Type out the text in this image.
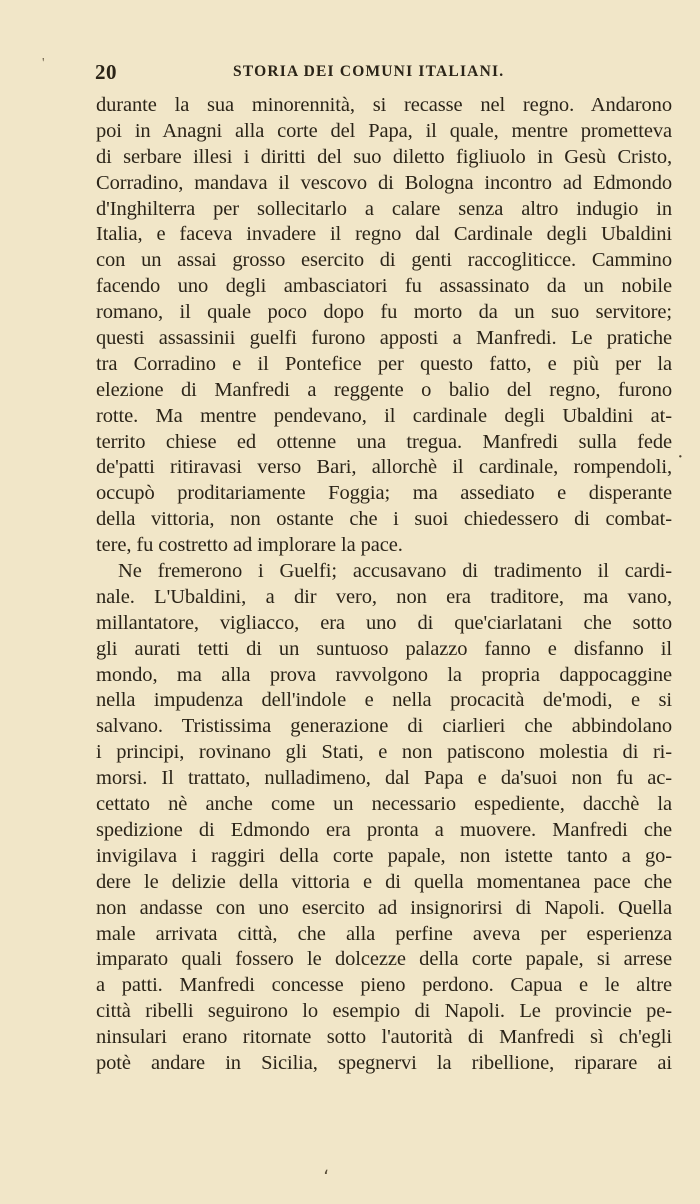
' 20	STORIA DEI COMUNI ITALIANI.
durante la sua minorennità, si recasse nel regno. Andarono
poi in Anagni alla corte del Papa, il quale, mentre prometteva
di serbare illesi i diritti del suo diletto figliuolo in Gesù Cristo,
Corradino, mandava il vescovo di Bologna incontro ad Edmondo
d'Inghilterra per sollecitarlo a calare senza altro indugio in
Italia, e faceva invadere il regno dal Cardinale degli Ubaldini
con un assai grosso esercito di genti raccogliticce. Cammino
facendo uno degli ambasciatori fu assassinato da un nobile
romano, il quale poco dopo fu morto da un suo servitore;
questi assassinii guelfi furono apposti a Manfredi. Le pratiche
tra Corradino e il Pontefice per questo fatto, e più per la
elezione di Manfredi a reggente o balio del regno, furono
rotte. Ma mentre pendevano, il cardinale degli Ubaldini at-
territo chiese ed ottenne una tregua. Manfredi sulla fede
de'patti ritiravasi verso Bari, allorchè il cardinale, rompendoli,
occupò proditariamente Foggia; ma assediato e disperante
della vittoria, non ostante che i suoi chiedessero di combat-
tere, fu costretto ad implorare la pace.
Ne fremerono i Guelfi; accusavano di tradimento il cardi-
nale. L'Ubaldini, a dir vero, non era traditore, ma vano,
millantatore, vigliacco, era uno di que'ciarlatani che sotto
gli aurati tetti di un suntuoso palazzo fanno e disfanno il
mondo, ma alla prova ravvolgono la propria dappocaggine
nella impudenza dell'indole e nella procacità de'modi, e si
salvano. Tristissima generazione di ciarlieri che abbindolano
i principi, rovinano gli Stati, e non patiscono molestia di ri-
morsi. Il trattato, nulladimeno, dal Papa e da'suoi non fu ac-
cettato nè anche come un necessario espediente, dacchè la
spedizione di Edmondo era pronta a muovere. Manfredi che
invigilava i raggiri della corte papale, non istette tanto a go-
dere le delizie della vittoria e di quella momentanea pace che
non andasse con uno esercito ad insignorirsi di Napoli. Quella
male arrivata città, che alla perfine aveva per esperienza
imparato quali fossero le dolcezze della corte papale, si arrese
a patti. Manfredi concesse pieno perdono. Capua e le altre
città ribelli seguirono lo esempio di Napoli. Le provincie pe-
ninsulari erano ritornate sotto l'autorità di Manfredi sì ch'egli
potè andare in Sicilia, spegnervi la ribellione, riparare ai
·
،
